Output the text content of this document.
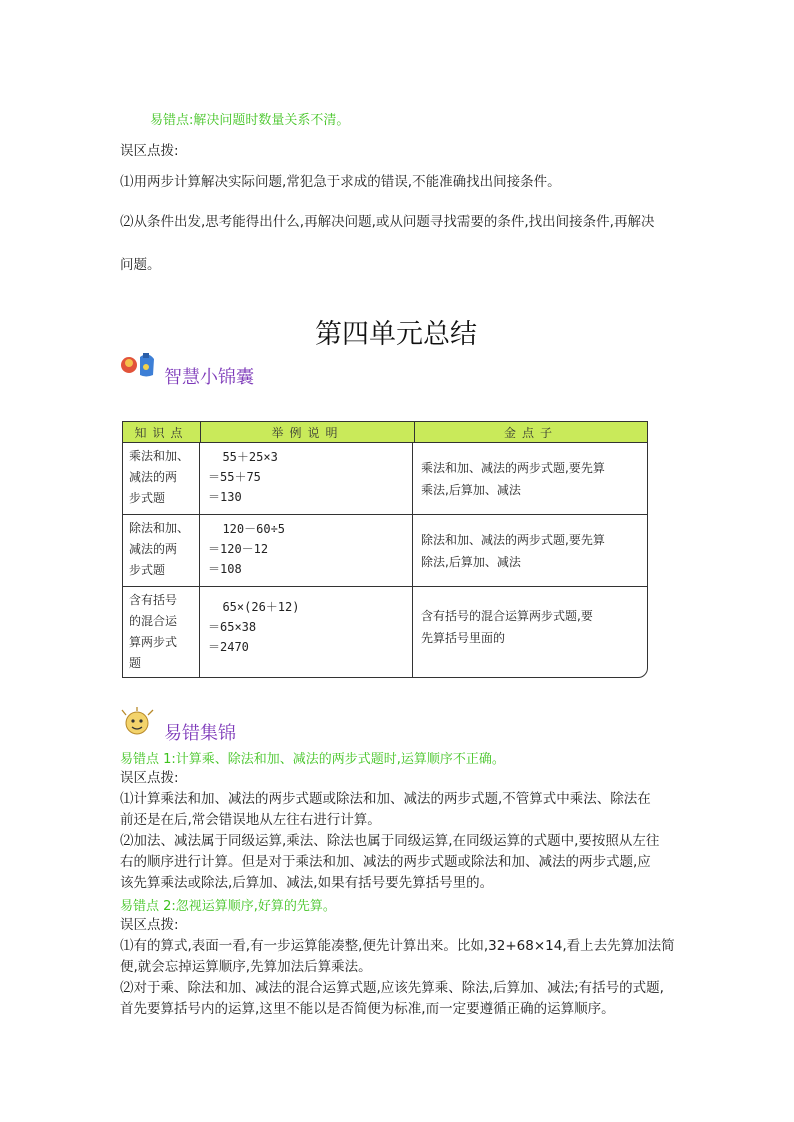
易错点:解决问题时数量关系不清。
误区点拨:
⑴用两步计算解决实际问题,常犯急于求成的错误,不能准确找出间接条件。
⑵从条件出发,思考能得出什么,再解决问题,或从问题寻找需要的条件,找出间接条件,再解决
问题。
第四单元总结
智慧小锦囊
知识点	举例说明	金点子
乘法和加、
减法的两
步式题
55＋25×3
＝55＋75
＝130
乘法和加、减法的两步式题,要先算
乘法,后算加、减法
除法和加、
减法的两
步式题
120－60÷5
＝120－12
＝108
除法和加、减法的两步式题,要先算
除法,后算加、减法
含有括号
的混合运
算两步式
题
65×(26＋12)
＝65×38
＝2470
含有括号的混合运算两步式题,要
先算括号里面的
易错集锦
易错点 1:计算乘、除法和加、减法的两步式题时,运算顺序不正确。
误区点拨:
⑴计算乘法和加、减法的两步式题或除法和加、减法的两步式题,不管算式中乘法、除法在
前还是在后,常会错误地从左往右进行计算。
⑵加法、减法属于同级运算,乘法、除法也属于同级运算,在同级运算的式题中,要按照从左往
右的顺序进行计算。但是对于乘法和加、减法的两步式题或除法和加、减法的两步式题,应
该先算乘法或除法,后算加、减法,如果有括号要先算括号里的。
易错点 2:忽视运算顺序,好算的先算。
误区点拨:
⑴有的算式,表面一看,有一步运算能凑整,便先计算出来。比如,32+68×14,看上去先算加法简
便,就会忘掉运算顺序,先算加法后算乘法。
⑵对于乘、除法和加、减法的混合运算式题,应该先算乘、除法,后算加、减法;有括号的式题,
首先要算括号内的运算,这里不能以是否简便为标准,而一定要遵循正确的运算顺序。
